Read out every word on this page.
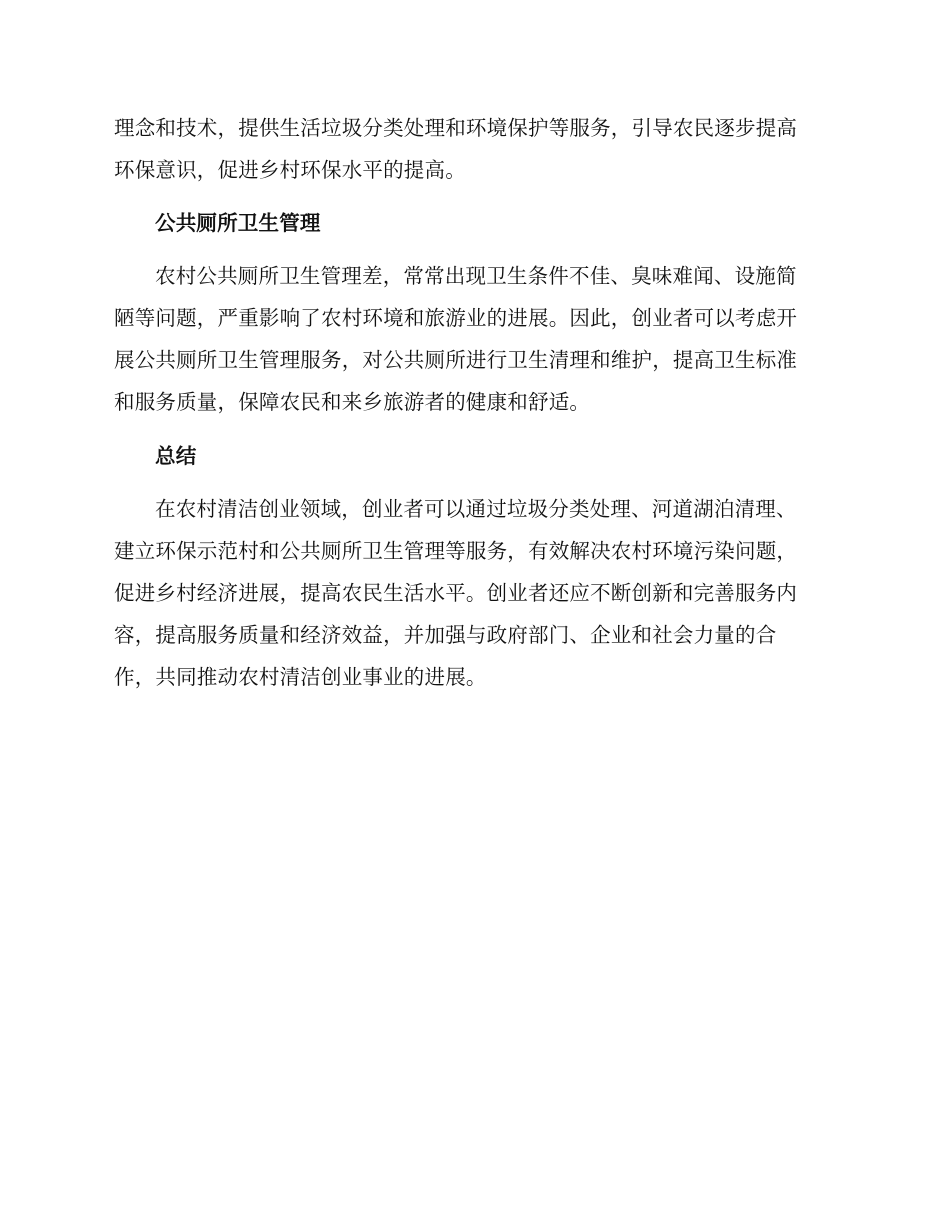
理念和技术，提供生活垃圾分类处理和环境保护等服务，引导农民逐步提高
环保意识，促进乡村环保水平的提高。

公共厕所卫生管理

农村公共厕所卫生管理差，常常出现卫生条件不佳、臭味难闻、设施简
陋等问题，严重影响了农村环境和旅游业的进展。因此，创业者可以考虑开
展公共厕所卫生管理服务，对公共厕所进行卫生清理和维护，提高卫生标准
和服务质量，保障农民和来乡旅游者的健康和舒适。

总结

在农村清洁创业领域，创业者可以通过垃圾分类处理、河道湖泊清理、
建立环保示范村和公共厕所卫生管理等服务，有效解决农村环境污染问题，
促进乡村经济进展，提高农民生活水平。创业者还应不断创新和完善服务内
容，提高服务质量和经济效益，并加强与政府部门、企业和社会力量的合
作，共同推动农村清洁创业事业的进展。
